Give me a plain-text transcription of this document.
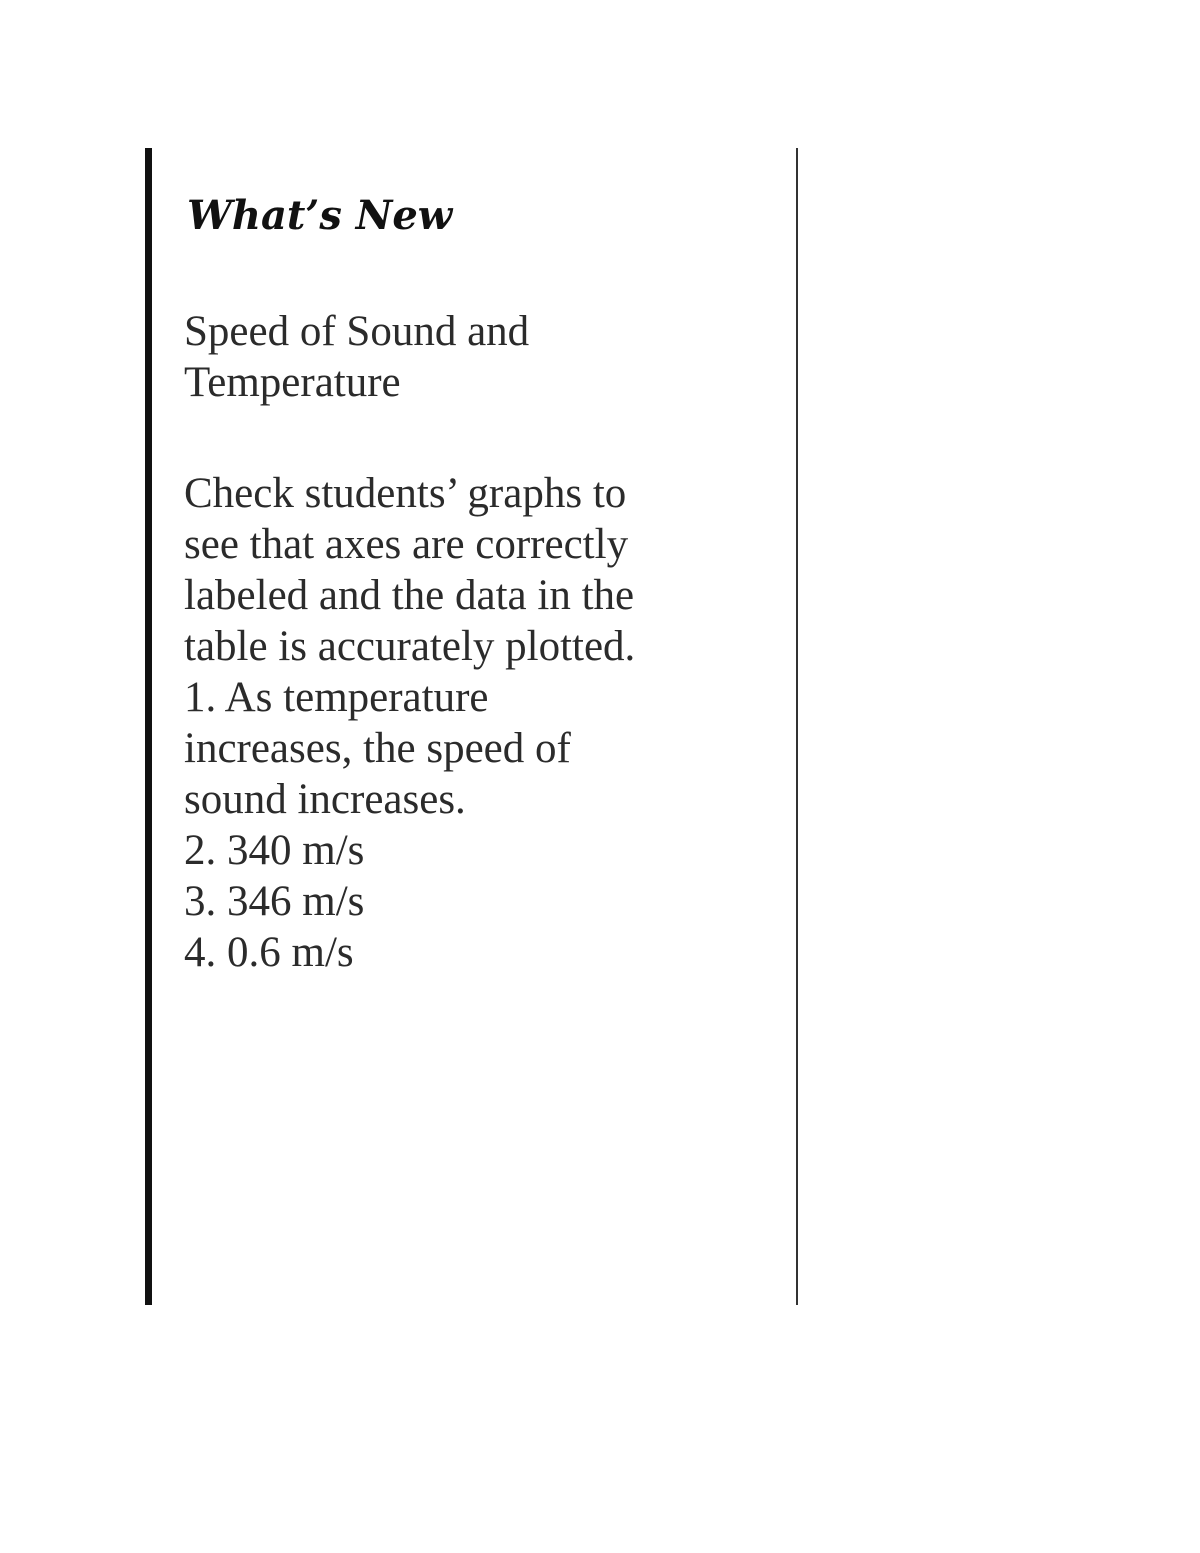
What’s New
Speed of Sound and
Temperature
Check students’ graphs to
see that axes are correctly
labeled and the data in the
table is accurately plotted.
1. As temperature
increases, the speed of
sound increases.
2. 340 m/s
3. 346 m/s
4. 0.6 m/s
